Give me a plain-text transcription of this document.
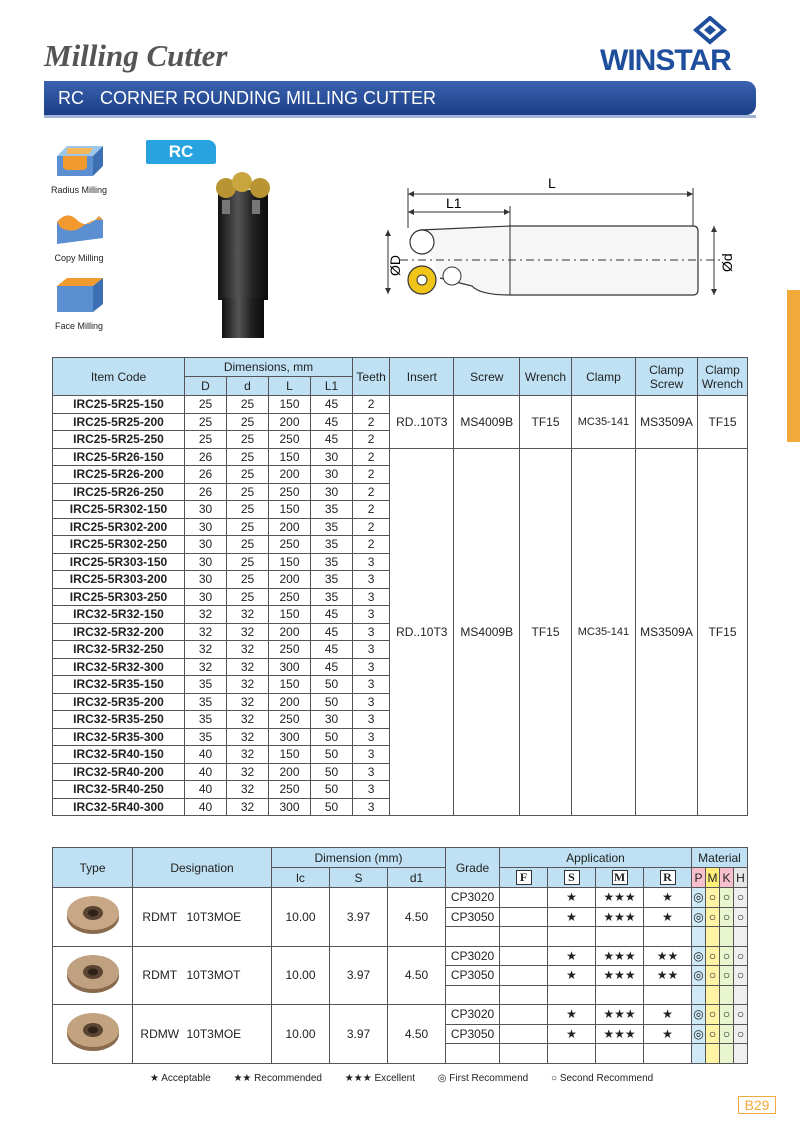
Milling Cutter	WINSTAR
RC CORNER ROUNDING MILLING CUTTER
Radius Milling
Copy Milling
Face Milling
RC
L
L1
ØD	Ød
Item Code	Dimensions, mm				Teeth	Insert	Screw	Wrench	Clamp	Clamp Screw	Clamp Wrench
	D	d	L	L1							
IRC25-5R25-150	25	25	150	45	2	RD..10T3	MS4009B	TF15	MC35-141	MS3509A	TF15
IRC25-5R25-200	25	25	200	45	2						
IRC25-5R25-250	25	25	250	45	2						
IRC25-5R26-150	26	25	150	30	2	RD..10T3	MS4009B	TF15	MC35-141	MS3509A	TF15
IRC25-5R26-200	26	25	200	30	2						
IRC25-5R26-250	26	25	250	30	2						
IRC25-5R302-150	30	25	150	35	2						
IRC25-5R302-200	30	25	200	35	2						
IRC25-5R302-250	30	25	250	35	2						
IRC25-5R303-150	30	25	150	35	3						
IRC25-5R303-200	30	25	200	35	3						
IRC25-5R303-250	30	25	250	35	3						
IRC32-5R32-150	32	32	150	45	3						
IRC32-5R32-200	32	32	200	45	3						
IRC32-5R32-250	32	32	250	45	3						
IRC32-5R32-300	32	32	300	45	3						
IRC32-5R35-150	35	32	150	50	3						
IRC32-5R35-200	35	32	200	50	3						
IRC32-5R35-250	35	32	250	30	3						
IRC32-5R35-300	35	32	300	50	3						
IRC32-5R40-150	40	32	150	50	3						
IRC32-5R40-200	40	32	200	50	3						
IRC32-5R40-250	40	32	250	50	3						
IRC32-5R40-300	40	32	300	50	3						
Type	Designation		Dimension (mm)			Grade	Application				Material			
			lc	S	d1		F	S	M	R	P	M	K	H
	RDMT	10T3MOE	10.00	3.97	4.50	CP3020		★	★★★	★	◎	○	○	○
						CP3050		★	★★★	★	◎	○	○	○

	RDMT	10T3MOT	10.00	3.97	4.50	CP3020		★	★★★	★★	◎	○	○	○
						CP3050		★	★★★	★★	◎	○	○	○

	RDMW	10T3MOE	10.00	3.97	4.50	CP3020		★	★★★	★	◎	○	○	○
						CP3050		★	★★★	★	◎	○	○	○

★ Acceptable ★★ Recommended ★★★ Excellent ◎ First Recommend ○ Second Recommend
B29
